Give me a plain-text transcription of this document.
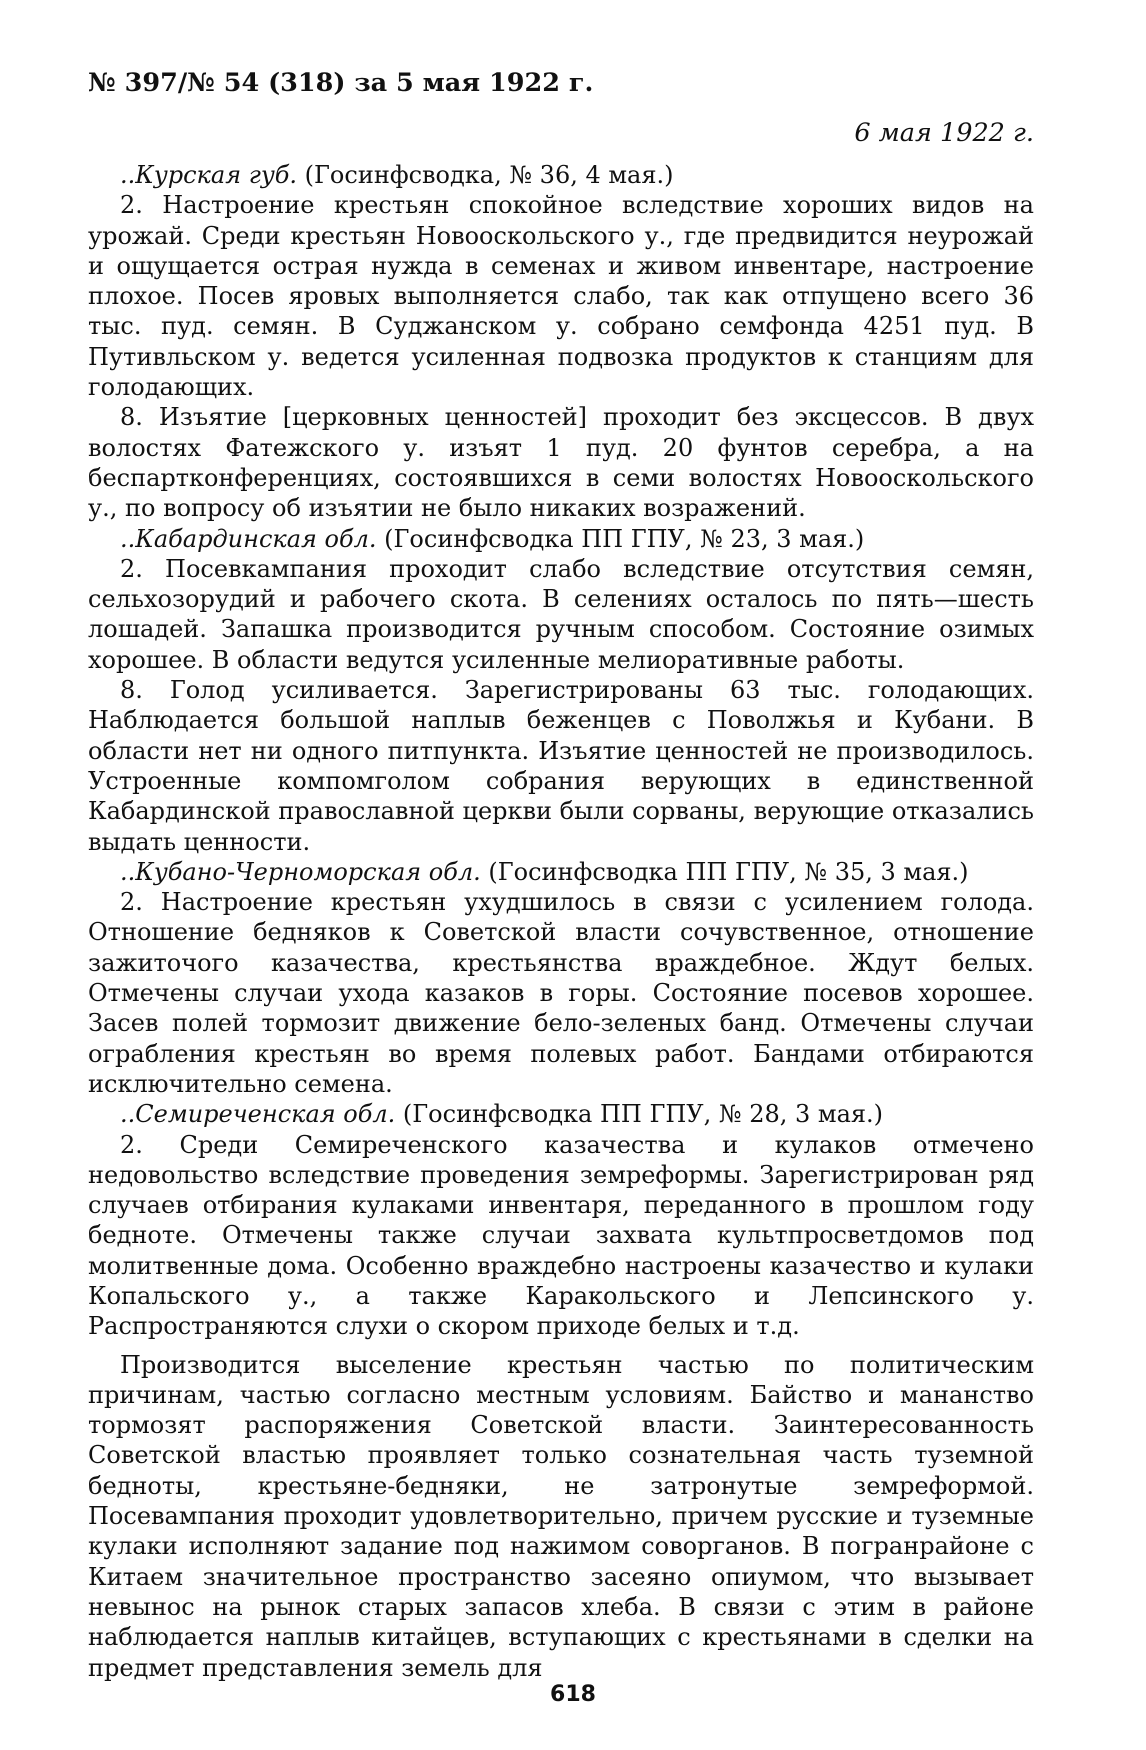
№ 397/№ 54 (318) за 5 мая 1922 г.
6 мая 1922 г.

..Курская губ. (Госинфсводка, № 36, 4 мая.)

2. Настроение крестьян спокойное вследствие хороших видов на урожай. Среди крестьян Новооскольского у., где предвидится неурожай и ощущается острая нужда в семенах и живом инвентаре, настроение плохое. Посев яровых выполняется слабо, так как отпущено всего 36 тыс. пуд. семян. В Суджанском у. собрано семфонда 4251 пуд. В Путивльском у. ведется усиленная подвозка продуктов к станциям для голодающих.

8. Изъятие [церковных ценностей] проходит без эксцессов. В двух волостях Фатежского у. изъят 1 пуд. 20 фунтов серебра, а на беспартконференциях, состоявшихся в семи волостях Новооскольского у., по вопросу об изъятии не было никаких возражений.

..Кабардинская обл. (Госинфсводка ПП ГПУ, № 23, 3 мая.)

2. Посевкампания проходит слабо вследствие отсутствия семян, сельхозорудий и рабочего скота. В селениях осталось по пять—шесть лошадей. Запашка производится ручным способом. Состояние озимых хорошее. В области ведутся усиленные мелиоративные работы.

8. Голод усиливается. Зарегистрированы 63 тыс. голодающих. Наблюдается большой наплыв беженцев с Поволжья и Кубани. В области нет ни одного питпункта. Изъятие ценностей не производилось. Устроенные компомголом собрания верующих в единственной Кабардинской православной церкви были сорваны, верующие отказались выдать ценности.

..Кубано-Черноморская обл. (Госинфсводка ПП ГПУ, № 35, 3 мая.)

2. Настроение крестьян ухудшилось в связи с усилением голода. Отношение бедняков к Советской власти сочувственное, отношение зажиточого казачества, крестьянства враждебное. Ждут белых. Отмечены случаи ухода казаков в горы. Состояние посевов хорошее. Засев полей тормозит движение бело-зеленых банд. Отмечены случаи ограбления крестьян во время полевых работ. Бандами отбираются исключительно семена.

..Семиреченская обл. (Госинфсводка ПП ГПУ, № 28, 3 мая.)

2. Среди Семиреченского казачества и кулаков отмечено недовольство вследствие проведения земреформы. Зарегистрирован ряд случаев отбирания кулаками инвентаря, переданного в прошлом году бедноте. Отмечены также случаи захвата культпросветдомов под молитвенные дома. Особенно враждебно настроены казачество и кулаки Копальского у., а также Каракольского и Лепсинского у. Распространяются слухи о скором приходе белых и т.д.

Производится выселение крестьян частью по политическим причинам, частью согласно местным условиям. Байство и мананство тормозят распоряжения Советской власти. Заинтересованность Советской властью проявляет только сознательная часть туземной бедноты, крестьяне-бедняки, не затронутые земреформой. Посевампания проходит удовлетворительно, причем русские и туземные кулаки исполняют задание под нажимом соворганов. В погранрайоне с Китаем значительное пространство засеяно опиумом, что вызывает невынос на рынок старых запасов хлеба. В связи с этим в районе наблюдается наплыв китайцев, вступающих с крестьянами в сделки на предмет представления земель для

618
